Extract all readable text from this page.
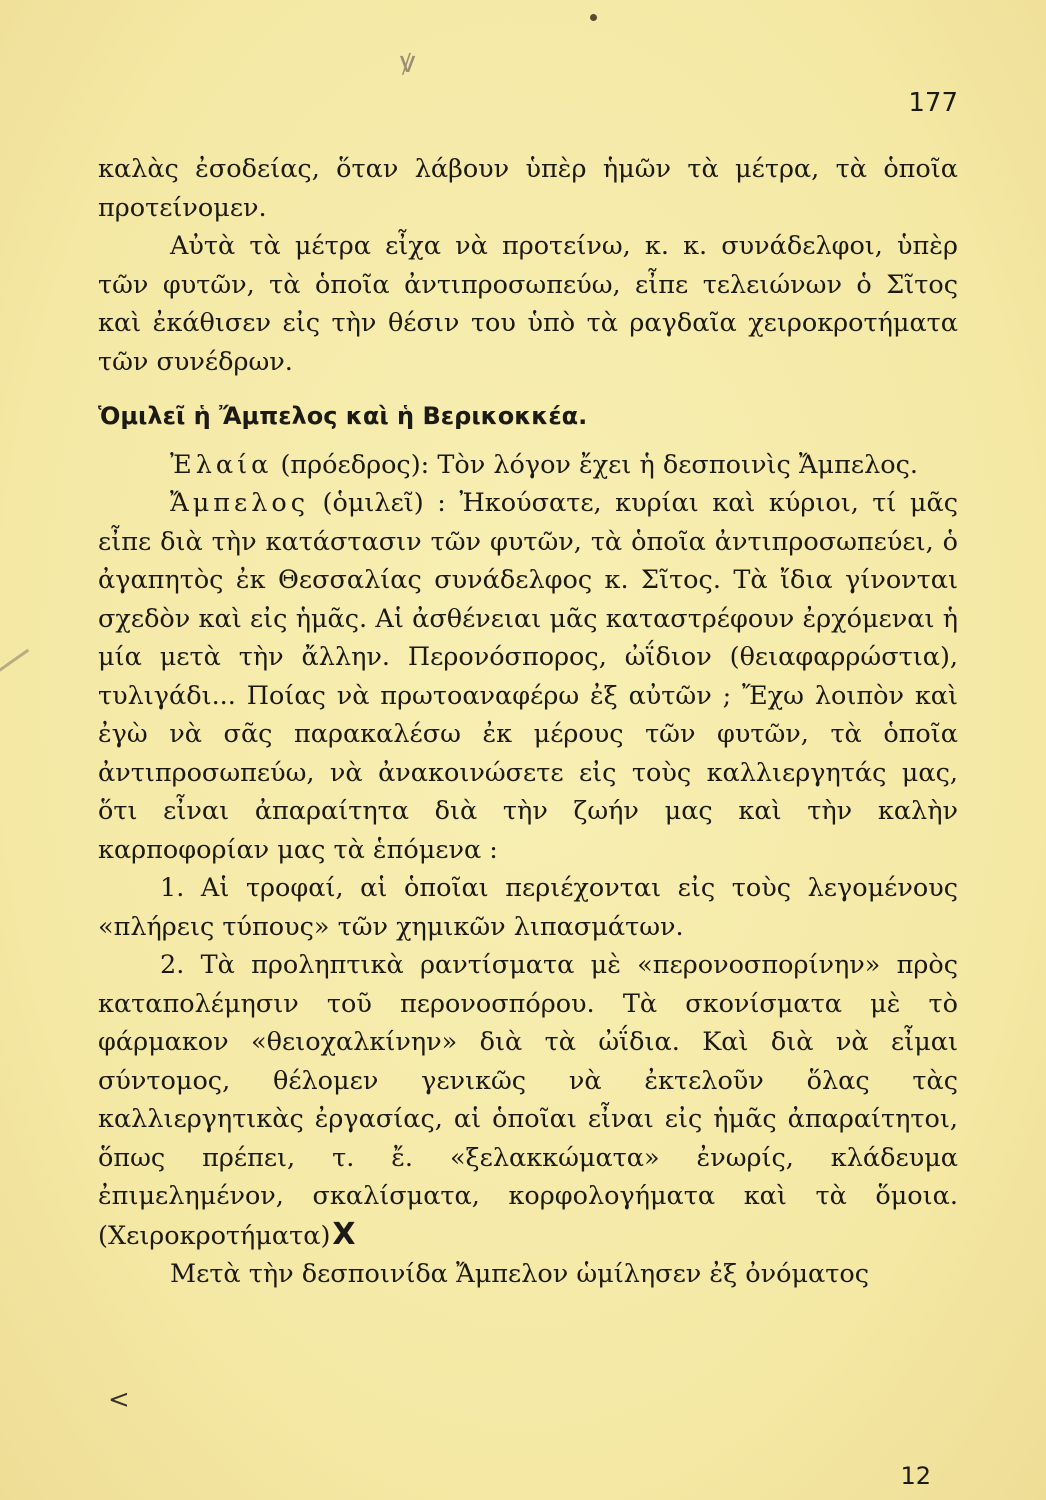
ꝟ
177

καλὰς ἐσοδείας, ὅταν λάβουν ὑπὲρ ἡμῶν τὰ μέτρα, τὰ ὁποῖα προτείνομεν.

Αὐτὰ τὰ μέτρα εἶχα νὰ προτείνω, κ. κ. συνάδελφοι, ὑπὲρ τῶν φυτῶν, τὰ ὁποῖα ἀντιπροσωπεύω, εἶπε τελειώνων ὁ Σῖτος καὶ ἐκάθισεν εἰς τὴν θέσιν του ὑπὸ τὰ ραγδαῖα χειροκροτήματα τῶν συνέδρων.

Ὁμιλεῖ ἡ Ἄμπελος καὶ ἡ Βερικοκκέα.

Ἐλαία (πρόεδρος): Τὸν λόγον ἔχει ἡ δεσποινὶς Ἄμπελος.

Ἄμπελος (ὁμιλεῖ) : Ἠκούσατε, κυρίαι καὶ κύριοι, τί μᾶς εἶπε διὰ τὴν κατάστασιν τῶν φυτῶν, τὰ ὁποῖα ἀντιπροσωπεύει, ὁ ἀγαπητὸς ἐκ Θεσσαλίας συνάδελφος κ. Σῖτος. Τὰ ἴδια γίνονται σχεδὸν καὶ εἰς ἡμᾶς. Αἱ ἀσθένειαι μᾶς καταστρέφουν ἐρχόμεναι ἡ μία μετὰ τὴν ἄλλην. Περονόσπορος, ὠΐδιον (θειαφαρρώστια), τυλιγάδι... Ποίας νὰ πρωτοαναφέρω ἐξ αὐτῶν ; Ἔχω λοιπὸν καὶ ἐγὼ νὰ σᾶς παρακαλέσω ἐκ μέρους τῶν φυτῶν, τὰ ὁποῖα ἀντιπροσωπεύω, νὰ ἀνακοινώσετε εἰς τοὺς καλλιεργητάς μας, ὅτι εἶναι ἀπαραίτητα διὰ τὴν ζωήν μας καὶ τὴν καλὴν καρποφορίαν μας τὰ ἑπόμενα :

1. Αἱ τροφαί, αἱ ὁποῖαι περιέχονται εἰς τοὺς λεγομένους «πλήρεις τύπους» τῶν χημικῶν λιπασμάτων.

2. Τὰ προληπτικὰ ραντίσματα μὲ «περονοσπορίνην» πρὸς καταπολέμησιν τοῦ περονοσπόρου. Τὰ σκονίσματα μὲ τὸ φάρμακον «θειοχαλκίνην» διὰ τὰ ὠΐδια. Καὶ διὰ νὰ εἶμαι σύντομος, θέλομεν γενικῶς νὰ ἐκτελοῦν ὅλας τὰς καλλιεργητικὰς ἐργασίας, αἱ ὁποῖαι εἶναι εἰς ἡμᾶς ἀπαραίτητοι, ὅπως πρέπει, τ. ἔ. «ξελακκώματα» ἐνωρίς, κλάδευμα ἐπιμελημένον, σκαλίσματα, κορφολογήματα καὶ τὰ ὅμοια. (Χειροκροτήματα)X

Μετὰ τὴν δεσποινίδα Ἄμπελον ὡμίλησεν ἐξ ὀνόματος

<
12
